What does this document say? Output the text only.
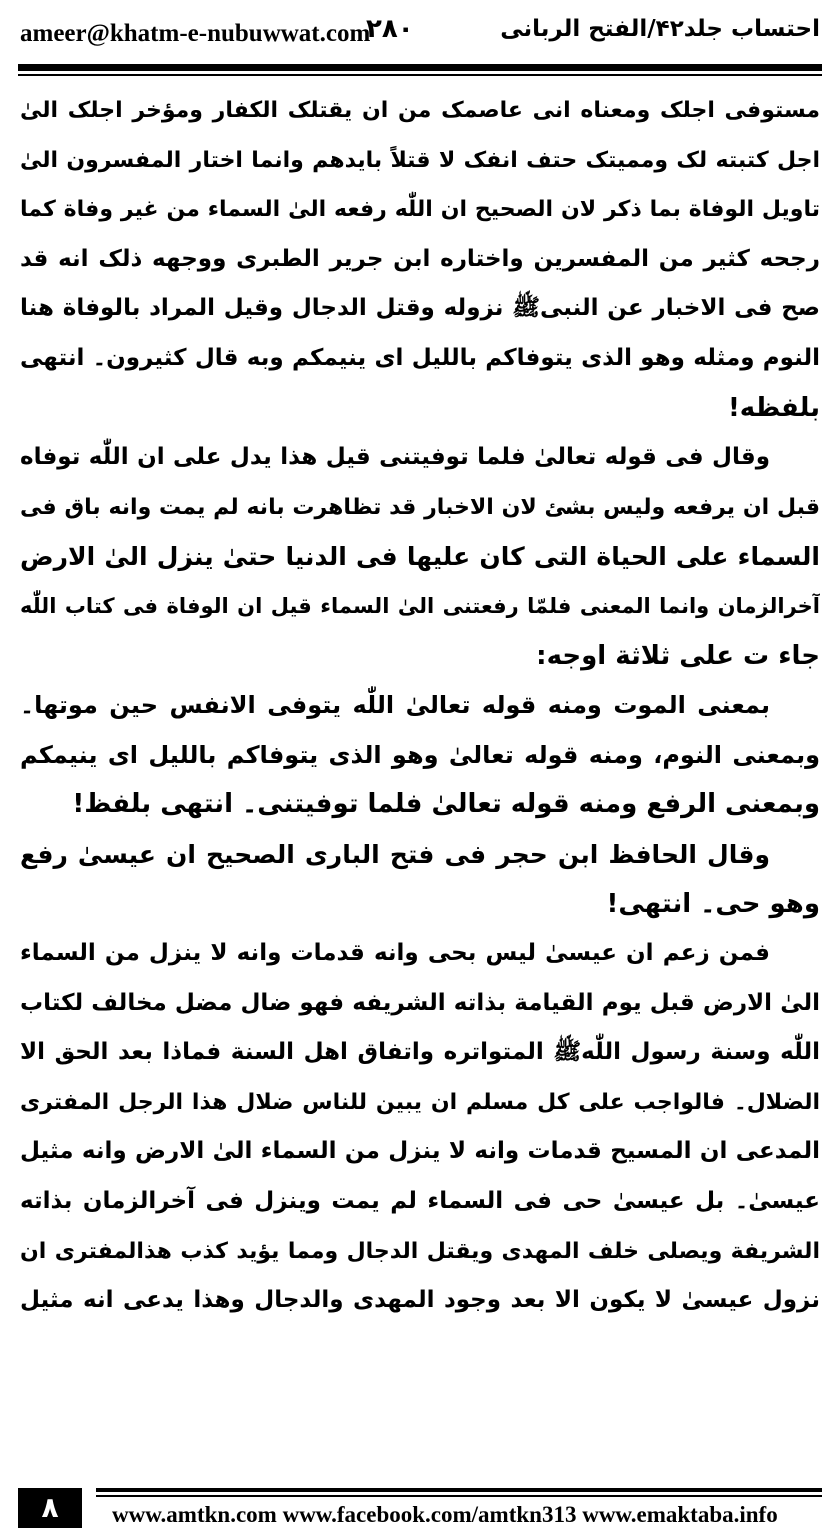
ameer@khatm-e-nubuwwat.com
٢٨٠	احتساب جلد۴۲/الفتح الربانی
مستوفی اجلک ومعناه انی عاصمک من ان یقتلک الکفار ومؤخر اجلک الیٰ
اجل کتبته لک وممیتک حتف انفک لا قتلاً بایدهم وانما اختار المفسرون الیٰ
تاویل الوفاة بما ذکر لان الصحیح ان اللّٰه رفعه الیٰ السماء من غیر وفاة کما
رجحه کثیر من المفسرین واختاره ابن جریر الطبری ووجهه ذلک انه قد
صح فی الاخبار عن النبیﷺ نزوله وقتل الدجال وقیل المراد بالوفاة هنا
النوم ومثله وهو الذی یتوفاکم باللیل ای ینیمکم وبه قال کثیرون۔ انتهی
بلفظه!
وقال فی قوله تعالیٰ فلما توفیتنی قیل هذا یدل علی ان اللّٰه توفاه
قبل ان یرفعه ولیس بشئ لان الاخبار قد تظاهرت بانه لم یمت وانه باق فی
السماء علی الحیاة التی کان علیها فی الدنیا حتیٰ ینزل الیٰ الارض
آخرالزمان وانما المعنی فلمّا رفعتنی الیٰ السماء قیل ان الوفاة فی کتاب اللّٰه
جاء ت علی ثلاثة اوجه:
بمعنی الموت ومنه قوله تعالیٰ اللّٰه یتوفی الانفس حین موتها۔
وبمعنی النوم، ومنه قوله تعالیٰ وهو الذی یتوفاکم باللیل ای ینیمکم
وبمعنی الرفع ومنه قوله تعالیٰ فلما توفیتنی۔ انتهی بلفظ!
وقال الحافظ ابن حجر فی فتح الباری الصحیح ان عیسیٰ رفع
وهو حی۔ انتهی!
فمن زعم ان عیسیٰ لیس بحی وانه قدمات وانه لا ینزل من السماء
الیٰ الارض قبل یوم القیامة بذاته الشریفه فهو ضال مضل مخالف لکتاب
اللّٰه وسنة رسول اللّٰهﷺ المتواتره واتفاق اهل السنة فماذا بعد الحق الا
الضلال۔ فالواجب علی کل مسلم ان یبین للناس ضلال هذا الرجل المفتری
المدعی ان المسیح قدمات وانه لا ینزل من السماء الیٰ الارض وانه مثیل
عیسیٰ۔ بل عیسیٰ حی فی السماء لم یمت وینزل فی آخرالزمان بذاته
الشریفة ویصلی خلف المهدی ویقتل الدجال ومما یؤید کذب هذالمفتری ان
نزول عیسیٰ لا یکون الا بعد وجود المهدی والدجال وهذا یدعی انه مثیل
٨	www.amtkn.com www.facebook.com/amtkn313 www.emaktaba.info
